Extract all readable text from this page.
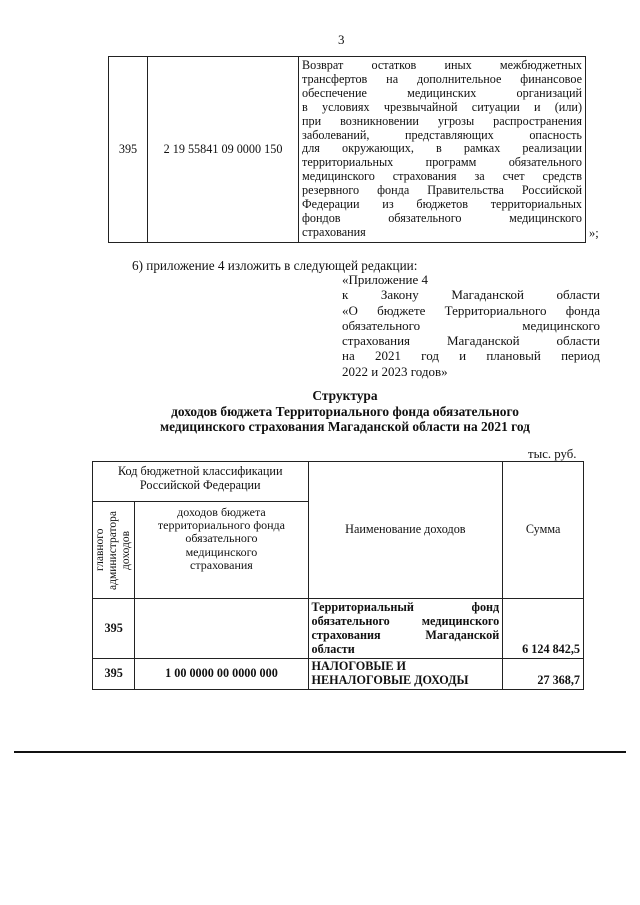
3
395	2 19 55841 09 0000 150	
Возврат остатков иных межбюджетных
трансфертов на дополнительное финансовое
обеспечение медицинских организаций
в условиях чрезвычайной ситуации и (или)
при возникновении угрозы распространения
заболеваний, представляющих опасность
для окружающих, в рамках реализации
территориальных программ обязательного
медицинского страхования за счет средств
резервного фонда Правительства Российской
Федерации из бюджетов территориальных
фондов обязательного медицинского
страхования	»;
6) приложение 4 изложить в следующей редакции:
«Приложение 4
к Закону Магаданской области
«О бюджете Территориального фонда
обязательного медицинского
страхования Магаданской области
на 2021 год и плановый период
2022 и 2023 годов»
Структура
доходов бюджета Территориального фонда обязательного
медицинского страхования Магаданской области на 2021 год
тыс. руб.
Код бюджетной классификации Российской Федерации		Наименование доходов	Сумма

главного администратора доходов	доходов бюджета территориального фонда обязательного медицинского страхования		
395		Территориальный фонд
обязательного медицинского
страхования Магаданской
области	6 124 842,5
395	1 00 0000 00 0000 000	НАЛОГОВЫЕ И
НЕНАЛОГОВЫЕ ДОХОДЫ	27 368,7
